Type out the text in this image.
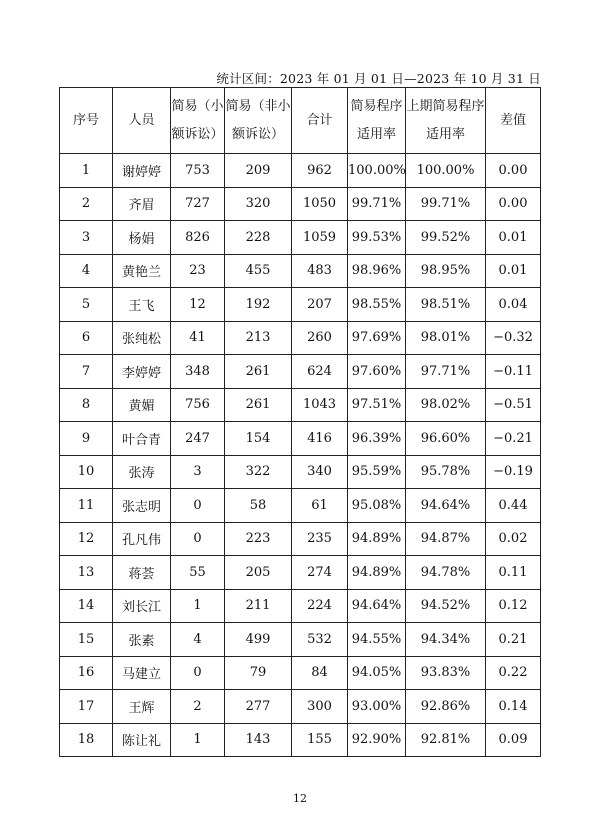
统计区间：2023 年 01 月 01 日—2023 年 10 月 31 日
序号	人员	简易（小额诉讼）	简易（非小额诉讼）	合计	简易程序适用率	上期简易程序适用率	差值
1	谢婷婷	753	209	962	100.00%	100.00%	0.00
2	齐眉	727	320	1050	99.71%	99.71%	0.00
3	杨娟	826	228	1059	99.53%	99.52%	0.01
4	黄艳兰	23	455	483	98.96%	98.95%	0.01
5	王飞	12	192	207	98.55%	98.51%	0.04
6	张纯松	41	213	260	97.69%	98.01%	−0.32
7	李婷婷	348	261	624	97.60%	97.71%	−0.11
8	黄媚	756	261	1043	97.51%	98.02%	−0.51
9	叶合青	247	154	416	96.39%	96.60%	−0.21
10	张涛	3	322	340	95.59%	95.78%	−0.19
11	张志明	0	58	61	95.08%	94.64%	0.44
12	孔凡伟	0	223	235	94.89%	94.87%	0.02
13	蒋荟	55	205	274	94.89%	94.78%	0.11
14	刘长江	1	211	224	94.64%	94.52%	0.12
15	张素	4	499	532	94.55%	94.34%	0.21
16	马建立	0	79	84	94.05%	93.83%	0.22
17	王辉	2	277	300	93.00%	92.86%	0.14
18	陈让礼	1	143	155	92.90%	92.81%	0.09
12
